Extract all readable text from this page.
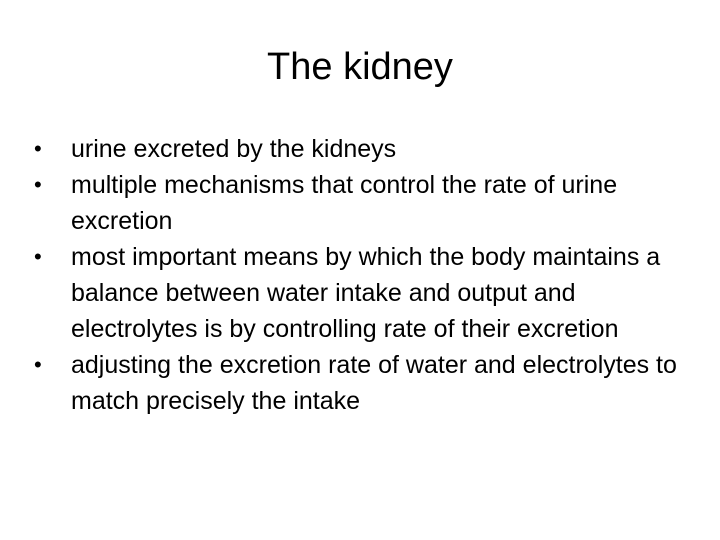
The kidney
•	urine excreted by the kidneys
•	multiple mechanisms that control the rate of urine excretion
•	most important means by which the body maintains a balance between water intake and output and electrolytes is by controlling rate of their excretion
•	adjusting the excretion rate of water and electrolytes to match precisely the intake
